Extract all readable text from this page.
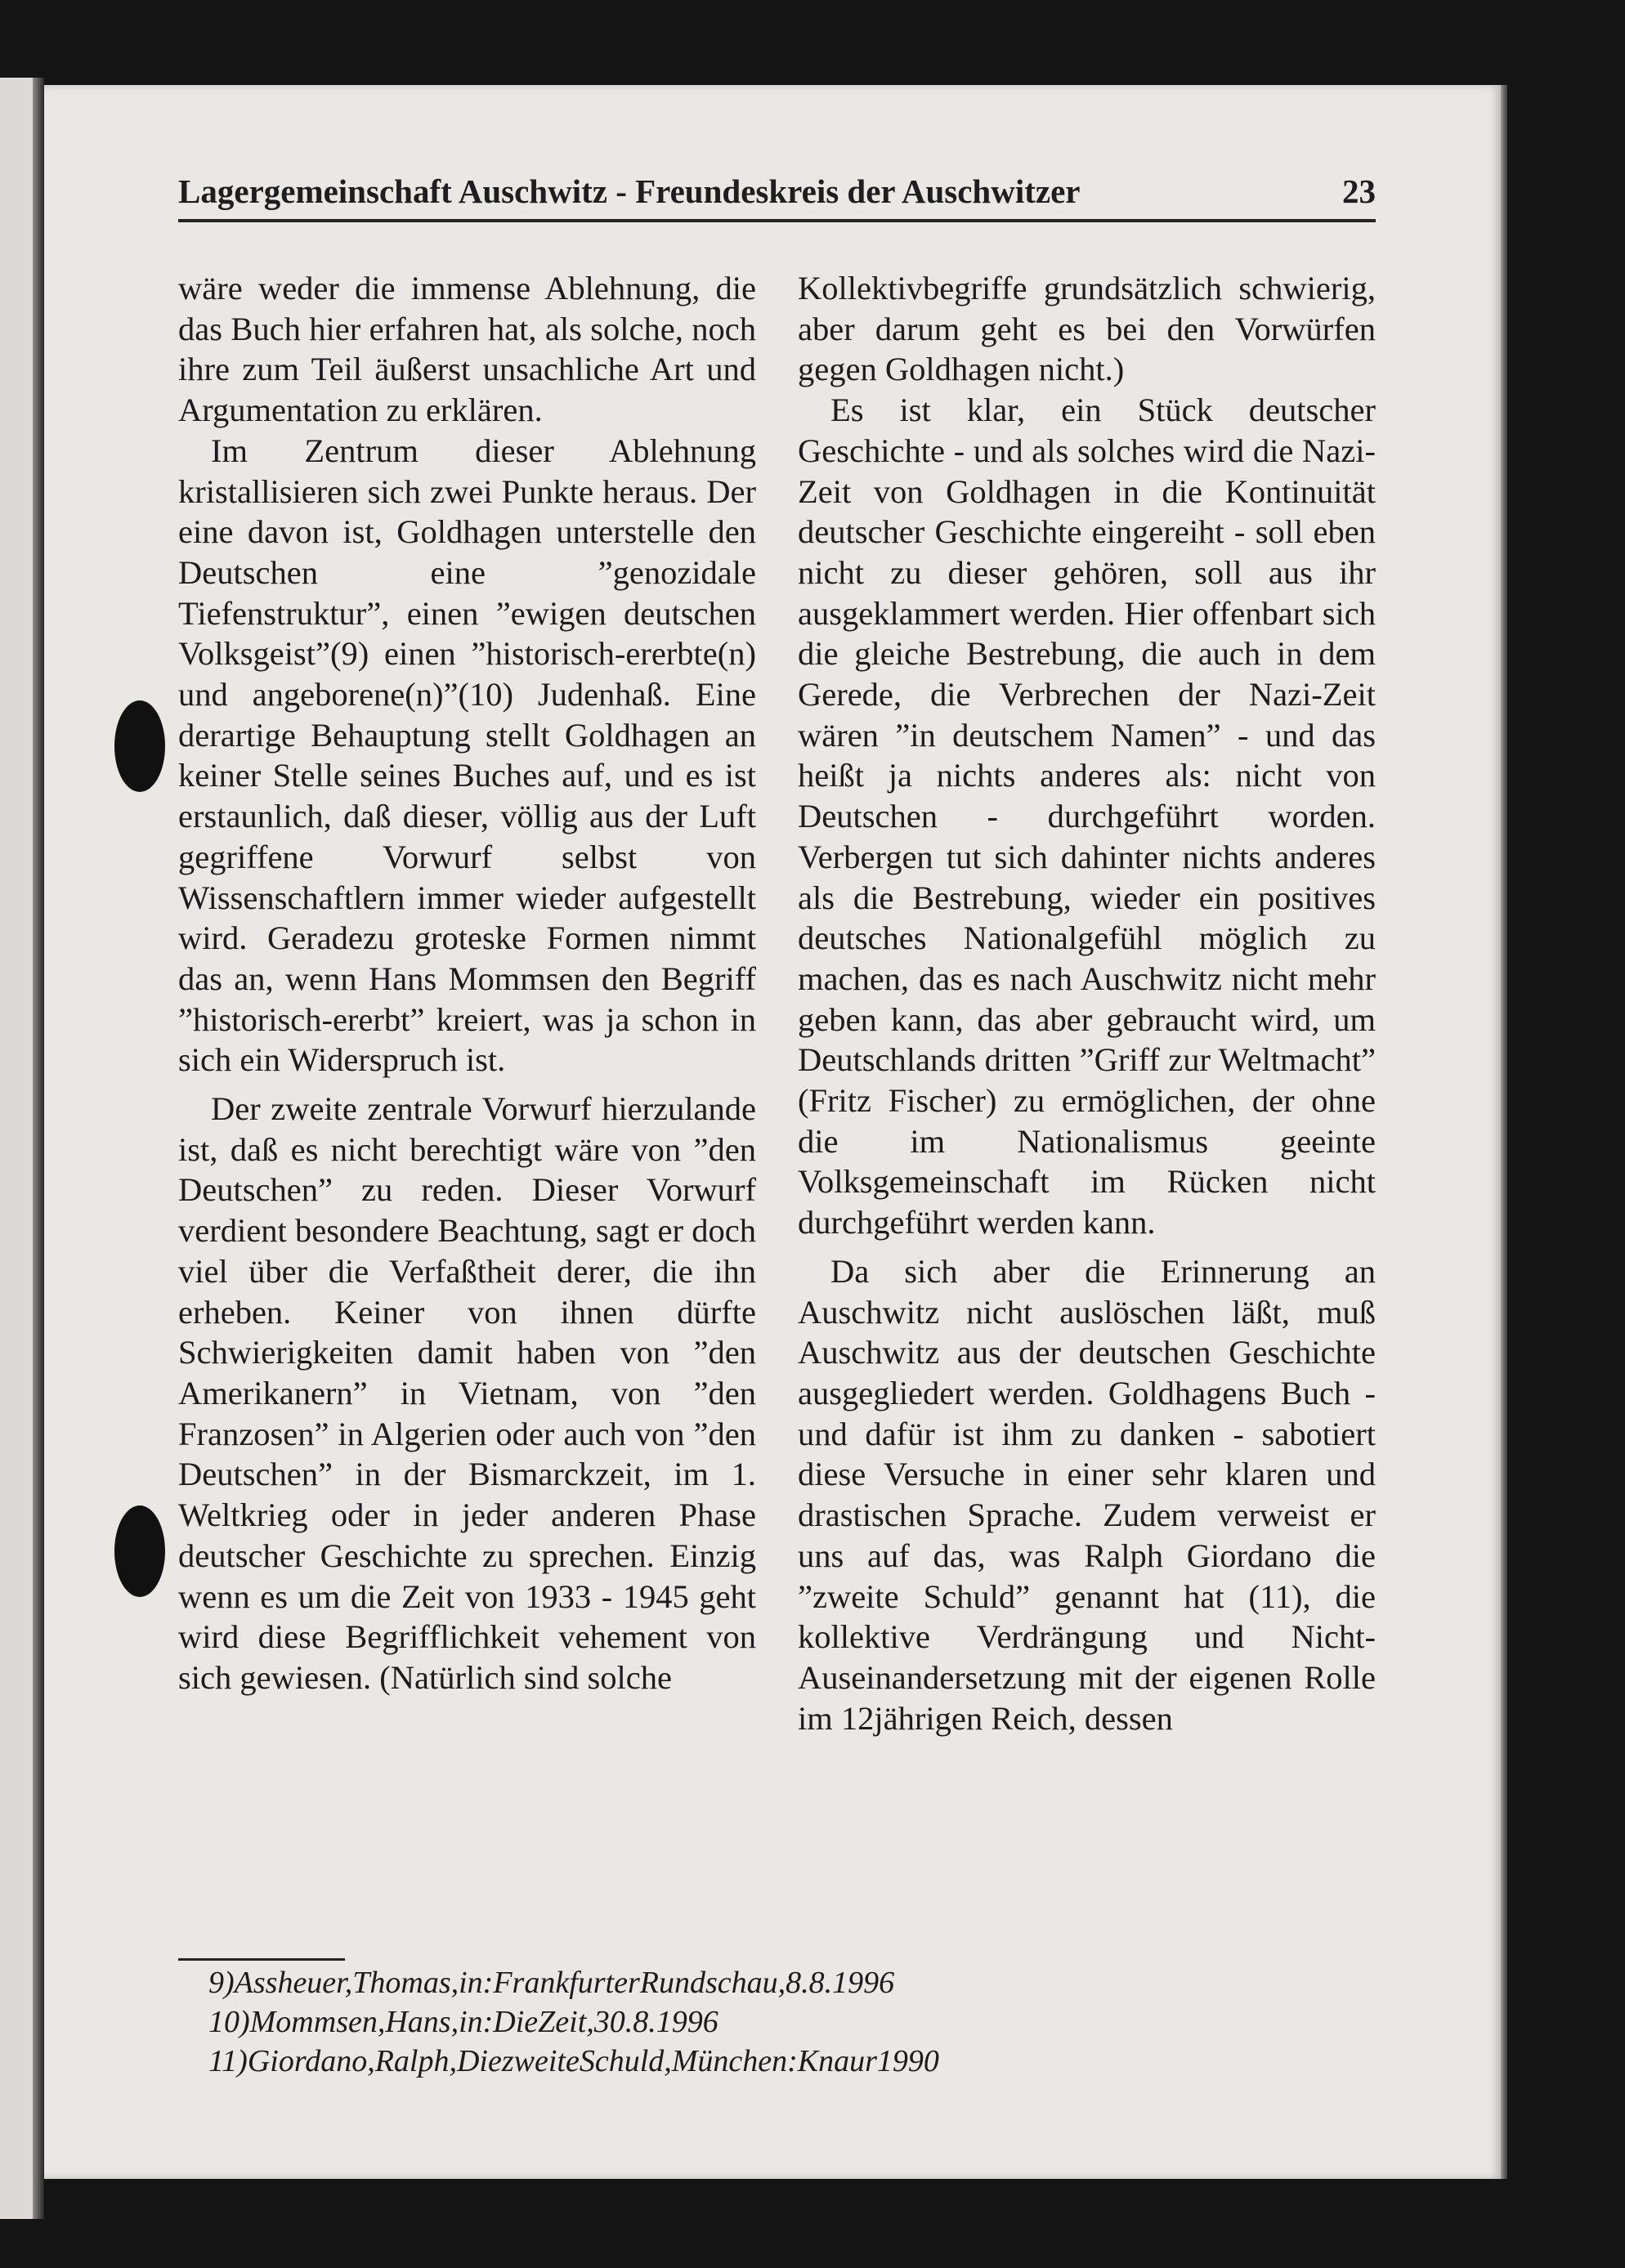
Lagergemeinschaft Auschwitz - Freundeskreis der Auschwitzer	23

wäre weder die immense Ablehnung, die das Buch hier erfahren hat, als solche, noch ihre zum Teil äußerst unsachliche Art und Argumentation zu erklären.

Im Zentrum dieser Ablehnung kristallisieren sich zwei Punkte heraus. Der eine davon ist, Goldhagen unterstelle den Deutschen eine ”genozidale Tiefenstruktur”, einen ”ewigen deutschen Volksgeist”(9) einen ”historisch-ererbte(n) und angeborene(n)”(10) Judenhaß. Eine derartige Behauptung stellt Goldhagen an keiner Stelle seines Buches auf, und es ist erstaunlich, daß dieser, völlig aus der Luft gegriffene Vorwurf selbst von Wissenschaftlern immer wieder aufgestellt wird. Geradezu groteske Formen nimmt das an, wenn Hans Mommsen den Begriff ”historisch-ererbt” kreiert, was ja schon in sich ein Widerspruch ist.

Der zweite zentrale Vorwurf hierzulande ist, daß es nicht berechtigt wäre von ”den Deutschen” zu reden. Dieser Vorwurf verdient besondere Beachtung, sagt er doch viel über die Verfaßtheit derer, die ihn erheben. Keiner von ihnen dürfte Schwierigkeiten damit haben von ”den Amerikanern” in Vietnam, von ”den Franzosen” in Algerien oder auch von ”den Deutschen” in der Bismarckzeit, im 1. Weltkrieg oder in jeder anderen Phase deutscher Geschichte zu sprechen. Einzig wenn es um die Zeit von 1933 - 1945 geht wird diese Begrifflichkeit vehement von sich gewiesen. (Natürlich sind solche

Kollektivbegriffe grundsätzlich schwierig, aber darum geht es bei den Vorwürfen gegen Goldhagen nicht.)

Es ist klar, ein Stück deutscher Geschichte - und als solches wird die Nazi-Zeit von Goldhagen in die Kontinuität deutscher Geschichte eingereiht - soll eben nicht zu dieser gehören, soll aus ihr ausgeklammert werden. Hier offenbart sich die gleiche Bestrebung, die auch in dem Gerede, die Verbrechen der Nazi-Zeit wären ”in deutschem Namen” - und das heißt ja nichts anderes als: nicht von Deutschen - durchgeführt worden. Verbergen tut sich dahinter nichts anderes als die Bestrebung, wieder ein positives deutsches Nationalgefühl möglich zu machen, das es nach Auschwitz nicht mehr geben kann, das aber gebraucht wird, um Deutschlands dritten ”Griff zur Weltmacht” (Fritz Fischer) zu ermöglichen, der ohne die im Nationalismus geeinte Volksgemeinschaft im Rücken nicht durchgeführt werden kann.

Da sich aber die Erinnerung an Auschwitz nicht auslöschen läßt, muß Auschwitz aus der deutschen Geschichte ausgegliedert werden. Goldhagens Buch - und dafür ist ihm zu danken - sabotiert diese Versuche in einer sehr klaren und drastischen Sprache. Zudem verweist er uns auf das, was Ralph Giordano die ”zweite Schuld” genannt hat (11), die kollektive Verdrängung und Nicht-Auseinandersetzung mit der eigenen Rolle im 12jährigen Reich, dessen

9)Assheuer,Thomas,in:FrankfurterRundschau,8.8.1996
10)Mommsen,Hans,in:DieZeit,30.8.1996
11)Giordano,Ralph,DiezweiteSchuld,München:Knaur1990
